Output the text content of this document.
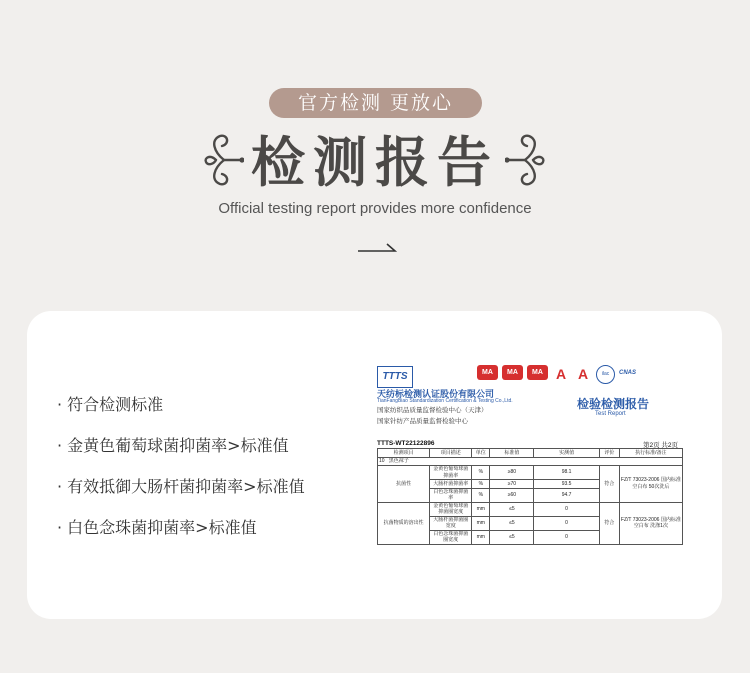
官方检测 更放心
检测报告
Official testing report provides more confidence
· 符合检测标准
· 金黄色葡萄球菌抑菌率>标准值
· 有效抵御大肠杆菌抑菌率>标准值
· 白色念珠菌抑菌率>标准值
TTTS	MA	MA	MA A A	ilac	CNAS
天纺标检测认证股份有限公司
TianFangBiao Standardization Certification & Testing Co.,Ltd.
国家纺织品质量监督检验中心（天津）
国家针纺产品质量监督检验中心
检验检测报告
Test Report
TTTS-WT22122896	第2页 共2页
检测项目	项目描述	单位	标准值	实测值	评价	执行标准/备注
10 黑色袜子						
抗菌性	金黄色葡萄球菌抑菌率	%	≥80	98.1	符合	FZ/T 73023-2006 国内标准空白布 50次洗后
	大肠杆菌抑菌率	%	≥70	93.5		
	白色念珠菌抑菌率	%	≥60	94.7		
抗菌物质的溶出性	金黄色葡萄球菌抑菌圈宽度	mm	≤5	0	符合	FZ/T 73023-2006 国内标准空白布 洗涤1次
	大肠杆菌抑菌圈宽度	mm	≤5	0		
	白色念珠菌抑菌圈宽度	mm	≤5	0		
